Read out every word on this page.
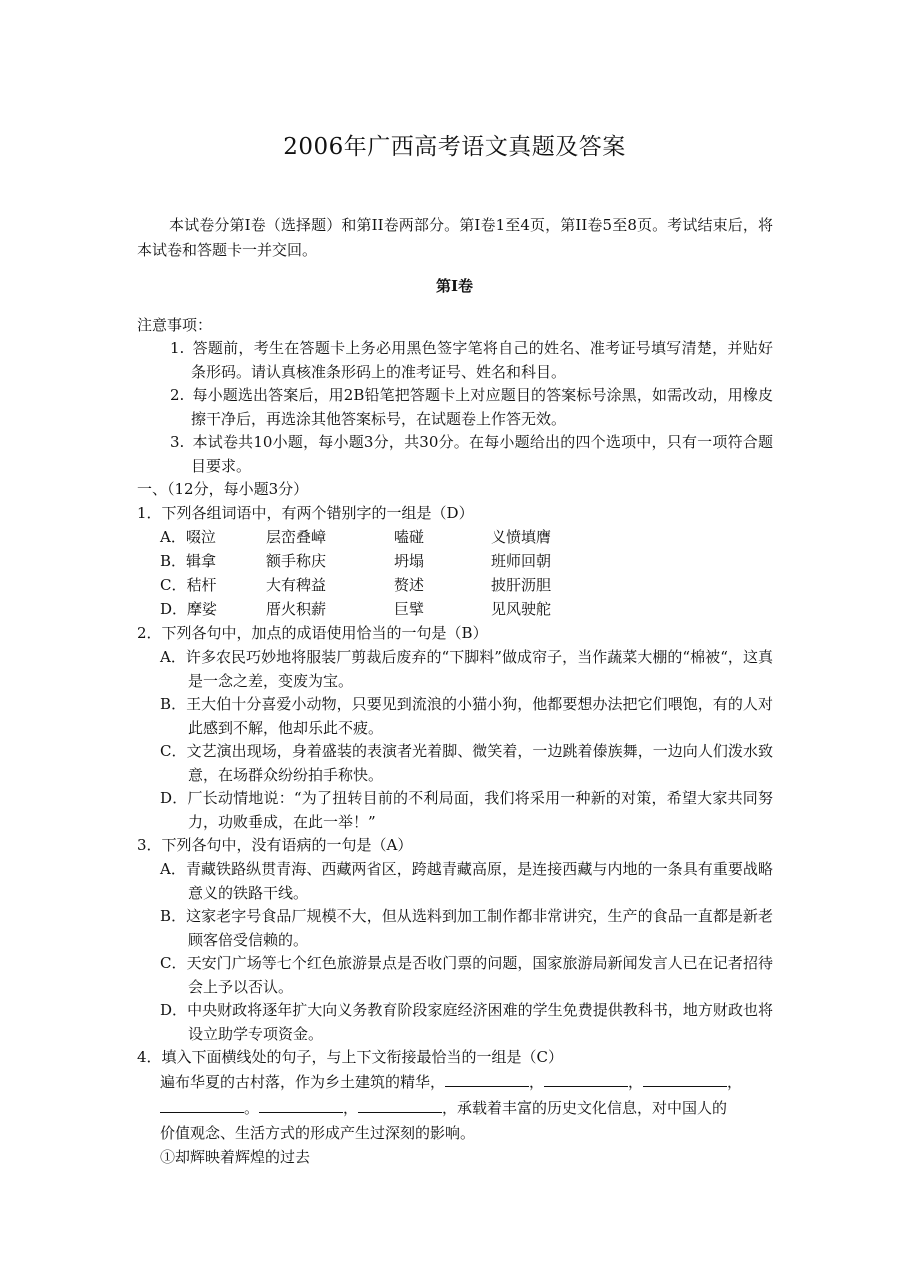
2006年广西高考语文真题及答案
本试卷分第Ⅰ卷（选择题）和第II卷两部分。第Ⅰ卷1至4页，第II卷5至8页。考试结束后，将本试卷和答题卡一并交回。
第Ⅰ卷
注意事项：
1. 答题前，考生在答题卡上务必用黑色签字笔将自己的姓名、准考证号填写清楚，并贴好条形码。请认真核准条形码上的准考证号、姓名和科目。
2. 每小题选出答案后，用2B铅笔把答题卡上对应题目的答案标号涂黑，如需改动，用橡皮擦干净后，再选涂其他答案标号，在试题卷上作答无效。
3. 本试卷共10小题，每小题3分，共30分。在每小题给出的四个选项中，只有一项符合题目要求。
一、（12分，每小题3分）
1．下列各组词语中，有两个错别字的一组是（D）
A．啜泣	层峦叠嶂	嗑碰	义愤填膺
B．辑拿	额手称庆	坍塌	班师回朝
C．秸杆	大有稗益	赘述	披肝沥胆
D．摩娑	厝火积薪	巨擘	见风驶舵
2．下列各句中，加点的成语使用恰当的一句是（B）
A．许多农民巧妙地将服装厂剪裁后废弃的“下脚料”做成帘子，当作蔬菜大棚的“棉被“，这真是一念之差，变废为宝。
B．王大伯十分喜爱小动物，只要见到流浪的小猫小狗，他都要想办法把它们喂饱，有的人对此感到不解，他却乐此不疲。
C．文艺演出现场，身着盛装的表演者光着脚、微笑着，一边跳着傣族舞，一边向人们泼水致意，在场群众纷纷拍手称快。
D．厂长动情地说：“为了扭转目前的不利局面，我们将采用一种新的对策，希望大家共同努力，功败垂成，在此一举！”
3．下列各句中，没有语病的一句是（A）
A．青藏铁路纵贯青海、西藏两省区，跨越青藏高原，是连接西藏与内地的一条具有重要战略意义的铁路干线。
B．这家老字号食品厂规模不大，但从选料到加工制作都非常讲究，生产的食品一直都是新老顾客倍受信赖的。
C．天安门广场等七个红色旅游景点是否收门票的问题，国家旅游局新闻发言人已在记者招待会上予以否认。
D．中央财政将逐年扩大向义务教育阶段家庭经济困难的学生免费提供教科书，地方财政也将设立助学专项资金。
4．填入下面横线处的句子，与上下文衔接最恰当的一组是（C）
遍布华夏的古村落，作为乡土建筑的精华，	，	，	，
。	，	，承载着丰富的历史文化信息，对中国人的
价值观念、生活方式的形成产生过深刻的影响。
①却辉映着辉煌的过去
